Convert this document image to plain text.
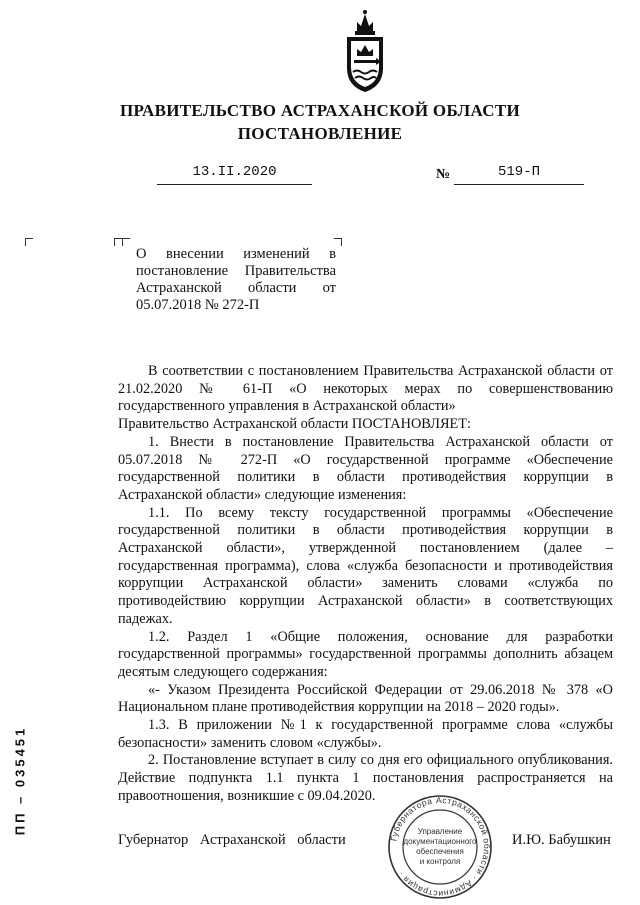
ПРАВИТЕЛЬСТВО АСТРАХАНСКОЙ ОБЛАСТИ
ПОСТАНОВЛЕНИЕ
13.II.2020	№	519-П
О внесении изменений в
постановление Правительства
Астраханской области от
05.07.2018 № 272-П

В соответствии с постановлением Правительства Астраханской области от 21.02.2020 № 61-П «О некоторых мерах по совершенствованию государственного управления в Астраханской области»

Правительство Астраханской области ПОСТАНОВЛЯЕТ:

1. Внести в постановление Правительства Астраханской области от 05.07.2018 № 272-П «О государственной программе «Обеспечение государственной политики в области противодействия коррупции в Астраханской области» следующие изменения:

1.1. По всему тексту государственной программы «Обеспечение государственной политики в области противодействия коррупции в Астраханской области», утвержденной постановлением (далее – государственная программа), слова «служба безопасности и противодействия коррупции Астраханской области» заменить словами «служба по противодействию коррупции Астраханской области» в соответствующих падежах.

1.2. Раздел 1 «Общие положения, основание для разработки государственной программы» государственной программы дополнить абзацем десятым следующего содержания:

«- Указом Президента Российской Федерации от 29.06.2018 № 378 «О Национальном плане противодействия коррупции на 2018 – 2020 годы».

1.3. В приложении №1 к государственной программе слова «службы безопасности» заменить словом «службы».

2. Постановление вступает в силу со дня его официального опубликования. Действие подпункта 1.1 пункта 1 постановления распространяется на правоотношения, возникшие с 09.04.2020.

Губернатор Астраханской области	И.Ю. Бабушкин
Губернатора Астраханской области · Администрация ·
Управление
документационного
обеспечения
и контроля
ПП – 035451
